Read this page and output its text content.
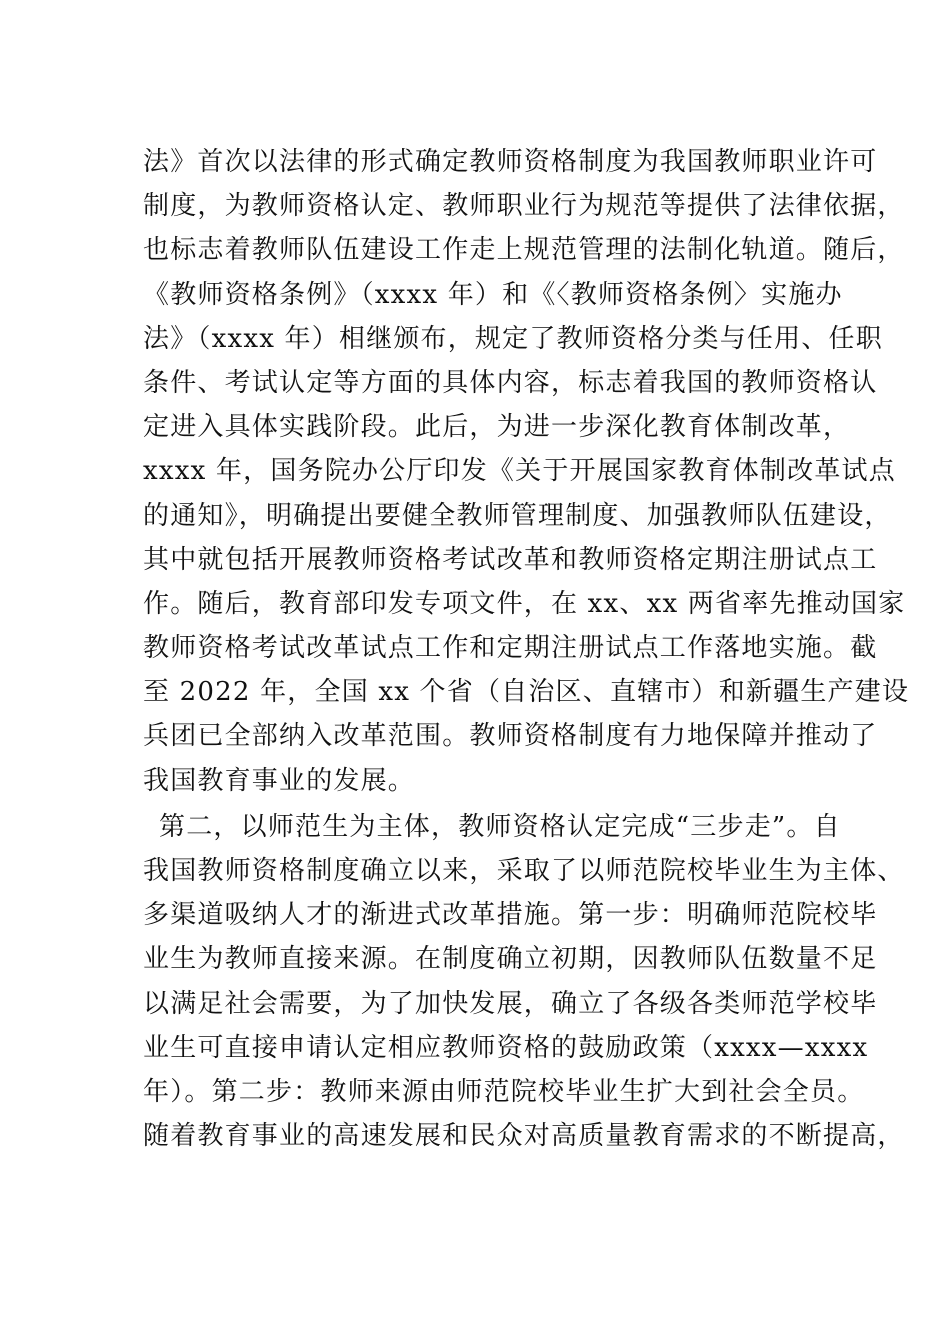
法》首次以法律的形式确定教师资格制度为我国教师职业许可
制度，为教师资格认定、教师职业行为规范等提供了法律依据，
也标志着教师队伍建设工作走上规范管理的法制化轨道。随后，
《教师资格条例》（xxxx 年）和《〈教师资格条例〉实施办
法》（xxxx 年）相继颁布，规定了教师资格分类与任用、任职
条件、考试认定等方面的具体内容，标志着我国的教师资格认
定进入具体实践阶段。此后，为进一步深化教育体制改革，
xxxx 年，国务院办公厅印发《关于开展国家教育体制改革试点
的通知》，明确提出要健全教师管理制度、加强教师队伍建设，
其中就包括开展教师资格考试改革和教师资格定期注册试点工
作。随后，教育部印发专项文件，在 xx、xx 两省率先推动国家
教师资格考试改革试点工作和定期注册试点工作落地实施。截
至 2022 年，全国 xx 个省（自治区、直辖市）和新疆生产建设
兵团已全部纳入改革范围。教师资格制度有力地保障并推动了
我国教育事业的发展。
第二，以师范生为主体，教师资格认定完成“三步走”。自
我国教师资格制度确立以来，采取了以师范院校毕业生为主体、
多渠道吸纳人才的渐进式改革措施。第一步：明确师范院校毕
业生为教师直接来源。在制度确立初期，因教师队伍数量不足
以满足社会需要，为了加快发展，确立了各级各类师范学校毕
业生可直接申请认定相应教师资格的鼓励政策（xxxx—xxxx
年）。第二步：教师来源由师范院校毕业生扩大到社会全员。
随着教育事业的高速发展和民众对高质量教育需求的不断提高，
